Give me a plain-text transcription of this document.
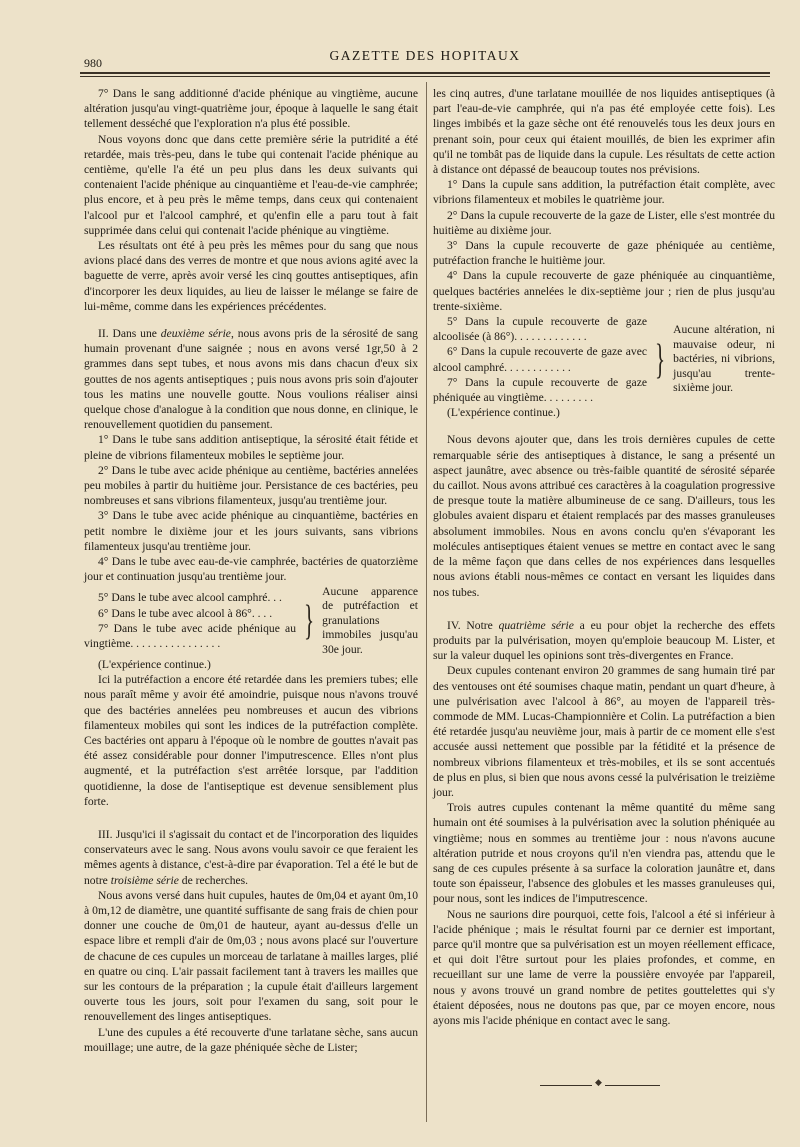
980	GAZETTE DES HOPITAUX

7° Dans le sang additionné d'acide phénique au vingtième, aucune altération jusqu'au vingt-quatrième jour, époque à laquelle le sang était tellement desséché que l'exploration n'a plus été possible.

Nous voyons donc que dans cette première série la putridité a été retardée, mais très-peu, dans le tube qui contenait l'acide phénique au centième, qu'elle l'a été un peu plus dans les deux suivants qui contenaient l'acide phénique au cinquantième et l'eau-de-vie camphrée; plus encore, et à peu près le même temps, dans ceux qui contenaient l'alcool pur et l'alcool camphré, et qu'enfin elle a paru tout à fait supprimée dans celui qui contenait l'acide phénique au vingtième.

Les résultats ont été à peu près les mêmes pour du sang que nous avions placé dans des verres de montre et que nous avions agité avec la baguette de verre, après avoir versé les cinq gouttes antiseptiques, afin d'incorporer les deux liquides, au lieu de laisser le mélange se faire de lui-même, comme dans les expériences précédentes.

II. Dans une deuxième série, nous avons pris de la sérosité de sang humain provenant d'une saignée ; nous en avons versé 1gr,50 à 2 grammes dans sept tubes, et nous avons mis dans chacun d'eux six gouttes de nos agents antiseptiques ; puis nous avons pris soin d'ajouter tous les matins une nouvelle goutte. Nous voulions réaliser ainsi quelque chose d'analogue à la condition que nous donne, en clinique, le renouvellement quotidien du pansement.

1° Dans le tube sans addition antiseptique, la sérosité était fétide et pleine de vibrions filamenteux mobiles le septième jour.

2° Dans le tube avec acide phénique au centième, bactéries annelées peu mobiles à partir du huitième jour. Persistance de ces bactéries, peu nombreuses et sans vibrions filamenteux, jusqu'au trentième jour.

3° Dans le tube avec acide phénique au cinquantième, bactéries en petit nombre le dixième jour et les jours suivants, sans vibrions filamenteux jusqu'au trentième jour.

4° Dans le tube avec eau-de-vie camphrée, bactéries de quatorzième jour et continuation jusqu'au trentième jour.

5° Dans le tube avec alcool camphré. . .

6° Dans le tube avec alcool à 86°. . . .

7° Dans le tube avec acide phénique au vingtième. . . . . . . . . . . . . . . .	}
Aucune apparence de putréfaction et granulations immobiles jusqu'au 30e jour.

(L'expérience continue.)

Ici la putréfaction a encore été retardée dans les premiers tubes; elle nous paraît même y avoir été amoindrie, puisque nous n'avons trouvé que des bactéries annelées peu nombreuses et aucun des vibrions filamenteux mobiles qui sont les indices de la putréfaction complète. Ces bactéries ont apparu à l'époque où le nombre de gouttes n'avait pas été assez considérable pour donner l'imputrescence. Elles n'ont plus augmenté, et la putréfaction s'est arrêtée lorsque, par l'addition quotidienne, la dose de l'antiseptique est devenue sensiblement plus forte.

III. Jusqu'ici il s'agissait du contact et de l'incorporation des liquides conservateurs avec le sang. Nous avons voulu savoir ce que feraient les mêmes agents à distance, c'est-à-dire par évaporation. Tel a été le but de notre troisième série de recherches.

Nous avons versé dans huit cupules, hautes de 0m,04 et ayant 0m,10 à 0m,12 de diamètre, une quantité suffisante de sang frais de chien pour donner une couche de 0m,01 de hauteur, ayant au-dessus d'elle un espace libre et rempli d'air de 0m,03 ; nous avons placé sur l'ouverture de chacune de ces cupules un morceau de tarlatane à mailles larges, plié en quatre ou cinq. L'air passait facilement tant à travers les mailles que sur les contours de la préparation ; la cupule était d'ailleurs largement ouverte tous les jours, soit pour l'examen du sang, soit pour le renouvellement des linges antiseptiques.

L'une des cupules a été recouverte d'une tarlatane sèche, sans aucun mouillage; une autre, de la gaze phéniquée sèche de Lister;

les cinq autres, d'une tarlatane mouillée de nos liquides antiseptiques (à part l'eau-de-vie camphrée, qui n'a pas été employée cette fois). Les linges imbibés et la gaze sèche ont été renouvelés tous les deux jours en prenant soin, pour ceux qui étaient mouillés, de bien les exprimer afin qu'il ne tombât pas de liquide dans la cupule. Les résultats de cette action à distance ont dépassé de beaucoup toutes nos prévisions.

1° Dans la cupule sans addition, la putréfaction était complète, avec vibrions filamenteux et mobiles le quatrième jour.

2° Dans la cupule recouverte de la gaze de Lister, elle s'est montrée du huitième au dixième jour.

3° Dans la cupule recouverte de gaze phéniquée au centième, putréfaction franche le huitième jour.

4° Dans la cupule recouverte de gaze phéniquée au cinquantième, quelques bactéries annelées le dix-septième jour ; rien de plus jusqu'au trente-sixième.

5° Dans la cupule recouverte de gaze alcoolisée (à 86°). . . . . . . . . . . . .

6° Dans la cupule recouverte de gaze avec alcool camphré. . . . . . . . . . . .

7° Dans la cupule recouverte de gaze phéniquée au vingtième. . . . . . . . .

}
Aucune altération, ni mauvaise odeur, ni bactéries, ni vibrions, jusqu'au trente-sixième jour.

(L'expérience continue.)

Nous devons ajouter que, dans les trois dernières cupules de cette remarquable série des antiseptiques à distance, le sang a présenté un aspect jaunâtre, avec absence ou très-faible quantité de sérosité séparée du caillot. Nous avons attribué ces caractères à la coagulation progressive de presque toute la matière albumineuse de ce sang. D'ailleurs, tous les globules avaient disparu et étaient remplacés par des masses granuleuses absolument immobiles. Nous en avons conclu qu'en s'évaporant les molécules antiseptiques étaient venues se mettre en contact avec le sang de la même façon que dans celles de nos expériences dans lesquelles nous avions établi nous-mêmes ce contact en versant les liquides dans nos tubes.

IV. Notre quatrième série a eu pour objet la recherche des effets produits par la pulvérisation, moyen qu'emploie beaucoup M. Lister, et sur la valeur duquel les opinions sont très-divergentes en France.

Deux cupules contenant environ 20 grammes de sang humain tiré par des ventouses ont été soumises chaque matin, pendant un quart d'heure, à une pulvérisation avec l'alcool à 86°, au moyen de l'appareil très-commode de MM. Lucas-Championnière et Colin. La putréfaction a bien été retardée jusqu'au neuvième jour, mais à partir de ce moment elle s'est accusée aussi nettement que possible par la fétidité et la présence de nombreux vibrions filamenteux et très-mobiles, et ils se sont accentués de plus en plus, si bien que nous avons cessé la pulvérisation le treizième jour.

Trois autres cupules contenant la même quantité du même sang humain ont été soumises à la pulvérisation avec la solution phéniquée au vingtième; nous en sommes au trentième jour : nous n'avons aucune altération putride et nous croyons qu'il n'en viendra pas, attendu que le sang de ces cupules présente à sa surface la coloration jaunâtre et, dans toute son épaisseur, l'absence des globules et les masses granuleuses qui, pour nous, sont les indices de l'imputrescence.

Nous ne saurions dire pourquoi, cette fois, l'alcool a été si inférieur à l'acide phénique ; mais le résultat fourni par ce dernier est important, parce qu'il montre que sa pulvérisation est un moyen réellement efficace, et qui doit l'être surtout pour les plaies profondes, et comme, en recueillant sur une lame de verre la poussière envoyée par l'appareil, nous y avons trouvé un grand nombre de petites gouttelettes qui s'y étaient déposées, nous ne doutons pas que, par ce moyen encore, nous ayons mis l'acide phénique en contact avec le sang.

◆
